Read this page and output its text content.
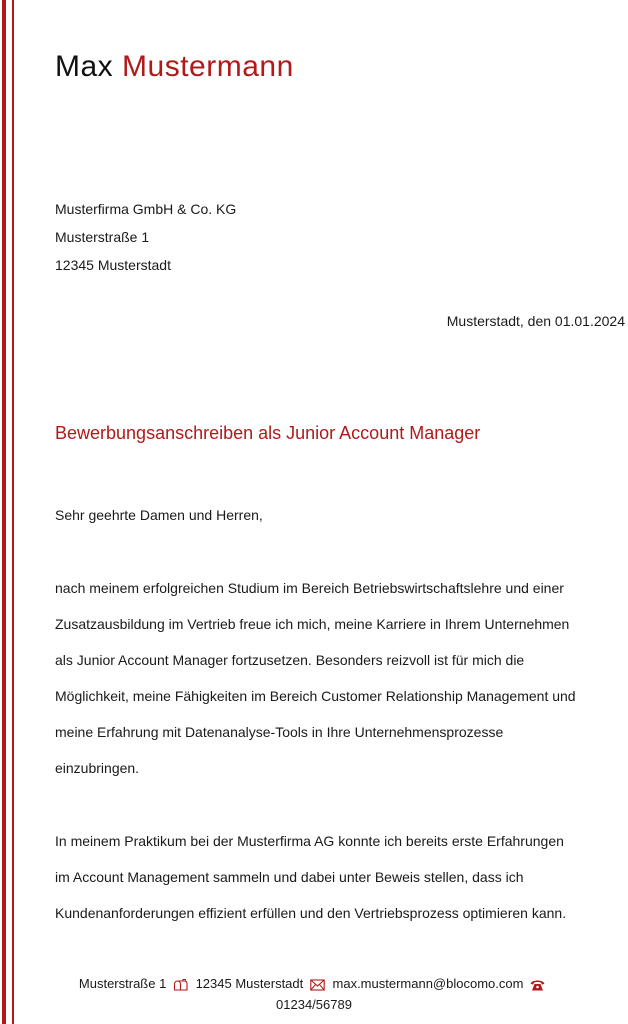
Max Mustermann
Musterfirma GmbH & Co. KG
Musterstraße 1
12345 Musterstadt
Musterstadt, den 01.01.2024
Bewerbungsanschreiben als Junior Account Manager
Sehr geehrte Damen und Herren,
nach meinem erfolgreichen Studium im Bereich Betriebswirtschaftslehre und einer
Zusatzausbildung im Vertrieb freue ich mich, meine Karriere in Ihrem Unternehmen
als Junior Account Manager fortzusetzen. Besonders reizvoll ist für mich die
Möglichkeit, meine Fähigkeiten im Bereich Customer Relationship Management und
meine Erfahrung mit Datenanalyse-Tools in Ihre Unternehmensprozesse
einzubringen.
In meinem Praktikum bei der Musterfirma AG konnte ich bereits erste Erfahrungen
im Account Management sammeln und dabei unter Beweis stellen, dass ich
Kundenanforderungen effizient erfüllen und den Vertriebsprozess optimieren kann.
Musterstraße 1 12345 Musterstadt max.mustermann@blocomo.com
01234/56789
